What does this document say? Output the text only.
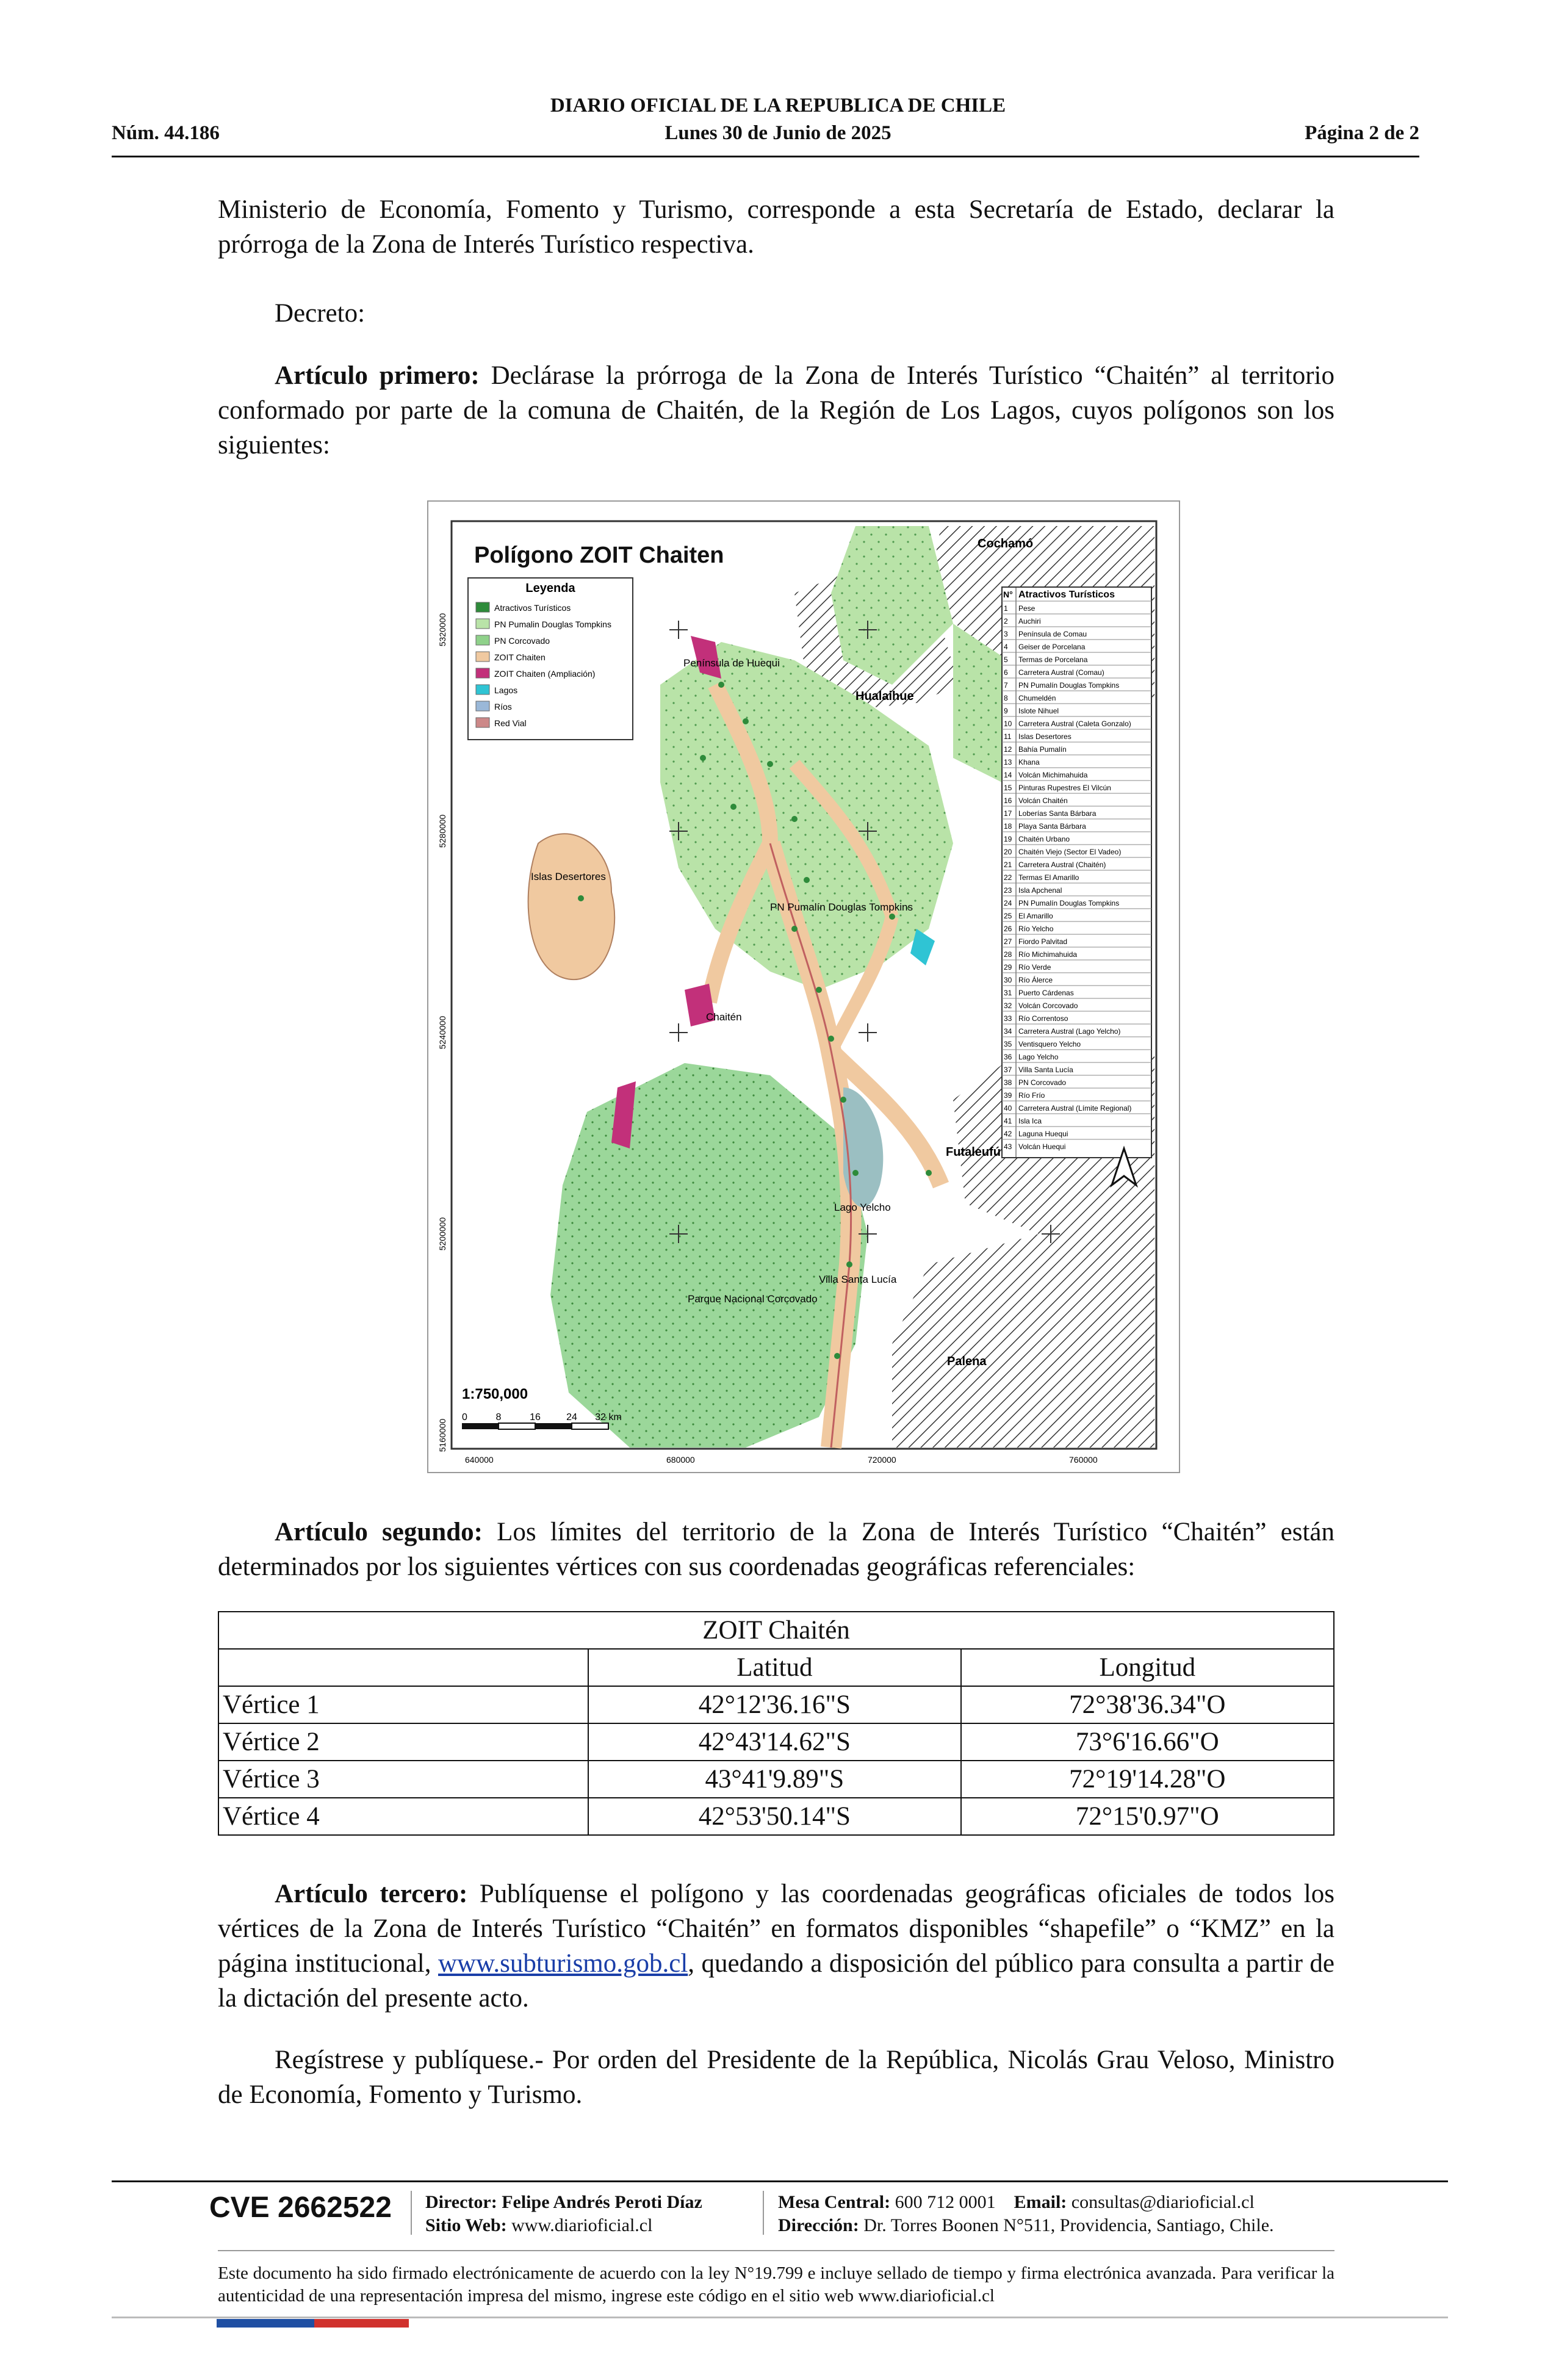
DIARIO OFICIAL DE LA REPUBLICA DE CHILE
Núm. 44.186	Lunes 30 de Junio de 2025	Página 2 de 2
Ministerio de Economía, Fomento y Turismo, corresponde a esta Secretaría de Estado, declarar la prórroga de la Zona de Interés Turístico respectiva.
Decreto:
Artículo primero: Declárase la prórroga de la Zona de Interés Turístico “Chaitén” al territorio conformado por parte de la comuna de Chaitén, de la Región de Los Lagos, cuyos polígonos son los siguientes:
Polígono ZOIT Chaiten
Leyenda
Atractivos Turísticos
PN Pumalin Douglas Tompkins
PN Corcovado
ZOIT Chaiten
ZOIT Chaiten (Ampliación)
Lagos
Ríos
Red Vial
N° Atractivos Turísticos
1 Pese
2 Auchiri
3 Península de Comau
4 Geiser de Porcelana
5 Termas de Porcelana
6 Carretera Austral (Comau)
7 PN Pumalín Douglas Tompkins
8 Chumeldén
9 Islote Nihuel
10 Carretera Austral (Caleta Gonzalo)
11 Islas Desertores
12 Bahía Pumalín
13 Khana
14 Volcán Michimahuida
15 Pinturas Rupestres El Vilcún
16 Volcán Chaitén
17 Loberías Santa Bárbara
18 Playa Santa Bárbara
19 Chaitén Urbano
20 Chaitén Viejo (Sector El Vadeo)
21 Carretera Austral (Chaitén)
22 Termas El Amarillo
23 Isla Apchenal
24 PN Pumalín Douglas Tompkins
25 El Amarillo
26 Río Yelcho
27 Fiordo Palvitad
28 Río Michimahuida
29 Río Verde
30 Río Álerce
31 Puerto Cárdenas
32 Volcán Corcovado
33 Río Correntoso
34 Carretera Austral (Lago Yelcho)
35 Ventisquero Yelcho
36 Lago Yelcho
37 Villa Santa Lucía
38 PN Corcovado
39 Río Frío
40 Carretera Austral (Límite Regional)
41 Isla Ica
42 Laguna Huequi
43 Volcán Huequi
Cochamó
Hualaihue
Futaleufú
Palena
Península de Huequi
Islas Desertores
PN Pumalín Douglas Tompkins
Chaitén
Lago Yelcho
Villa Santa Lucía
Parque Nacional Corcovado
1:750,000
0	8	16	24 32 km
640000	680000	720000	760000
5320000
5280000
5240000
5200000
5160000
Artículo segundo: Los límites del territorio de la Zona de Interés Turístico “Chaitén” están determinados por los siguientes vértices con sus coordenadas geográficas referenciales:
ZOIT Chaitén		
	Latitud	Longitud
Vértice 1	42°12'36.16"S	72°38'36.34"O
Vértice 2	42°43'14.62"S	73°6'16.66"O
Vértice 3	43°41'9.89"S	72°19'14.28"O
Vértice 4	42°53'50.14"S	72°15'0.97"O
Artículo tercero: Publíquense el polígono y las coordenadas geográficas oficiales de todos los vértices de la Zona de Interés Turístico “Chaitén” en formatos disponibles “shapefile” o “KMZ” en la página institucional, www.subturismo.gob.cl, quedando a disposición del público para consulta a partir de la dictación del presente acto.
Regístrese y publíquese.- Por orden del Presidente de la República, Nicolás Grau Veloso, Ministro de Economía, Fomento y Turismo.
CVE 2662522 Director: Felipe Andrés Peroti Díaz
Sitio Web: www.diarioficial.cl
Mesa Central: 600 712 0001 Email: consultas@diarioficial.cl
Dirección: Dr. Torres Boonen N°511, Providencia, Santiago, Chile.
Este documento ha sido firmado electrónicamente de acuerdo con la ley N°19.799 e incluye sellado de tiempo y firma electrónica avanzada. Para verificar la autenticidad de una representación impresa del mismo, ingrese este código en el sitio web www.diarioficial.cl
